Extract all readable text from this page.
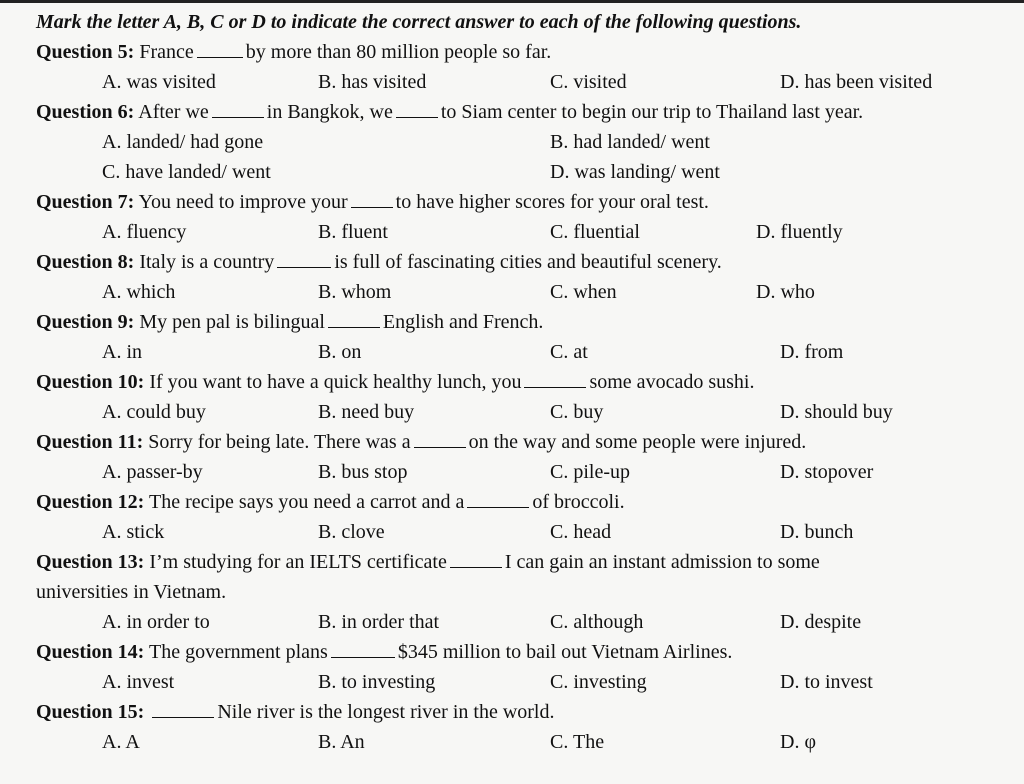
Mark the letter A, B, C or D to indicate the correct answer to each of the following questions.
Question 5: France	by more than 80 million people so far.
A. was visited	B. has visited	C. visited	D. has been visited
Question 6: After we	in Bangkok, we to Siam center to begin our trip to Thailand last year.
A. landed/ had gone	B. had landed/ went
C. have landed/ went	D. was landing/ went
Question 7: You need to improve your to have higher scores for your oral test.
A. fluency	B. fluent	C. fluential	D. fluently
Question 8: Italy is a country	is full of fascinating cities and beautiful scenery.
A. which	B. whom	C. when	D. who
Question 9: My pen pal is bilingual	English and French.
A. in	B. on	C. at	D. from
Question 10: If you want to have a quick healthy lunch, you	some avocado sushi.
A. could buy	B. need buy	C. buy	D. should buy
Question 11: Sorry for being late. There was a	on the way and some people were injured.
A. passer-by	B. bus stop	C. pile-up	D. stopover
Question 12: The recipe says you need a carrot and a	of broccoli.
A. stick	B. clove	C. head	D. bunch
Question 13: I’m studying for an IELTS certificate	I can gain an instant admission to some
universities in Vietnam.
A. in order to	B. in order that	C. although	D. despite
Question 14: The government plans	$345 million to bail out Vietnam Airlines.
A. invest	B. to investing	C. investing	D. to invest
Question 15:	Nile river is the longest river in the world.
A. A	B. An	C. The	D. φ
